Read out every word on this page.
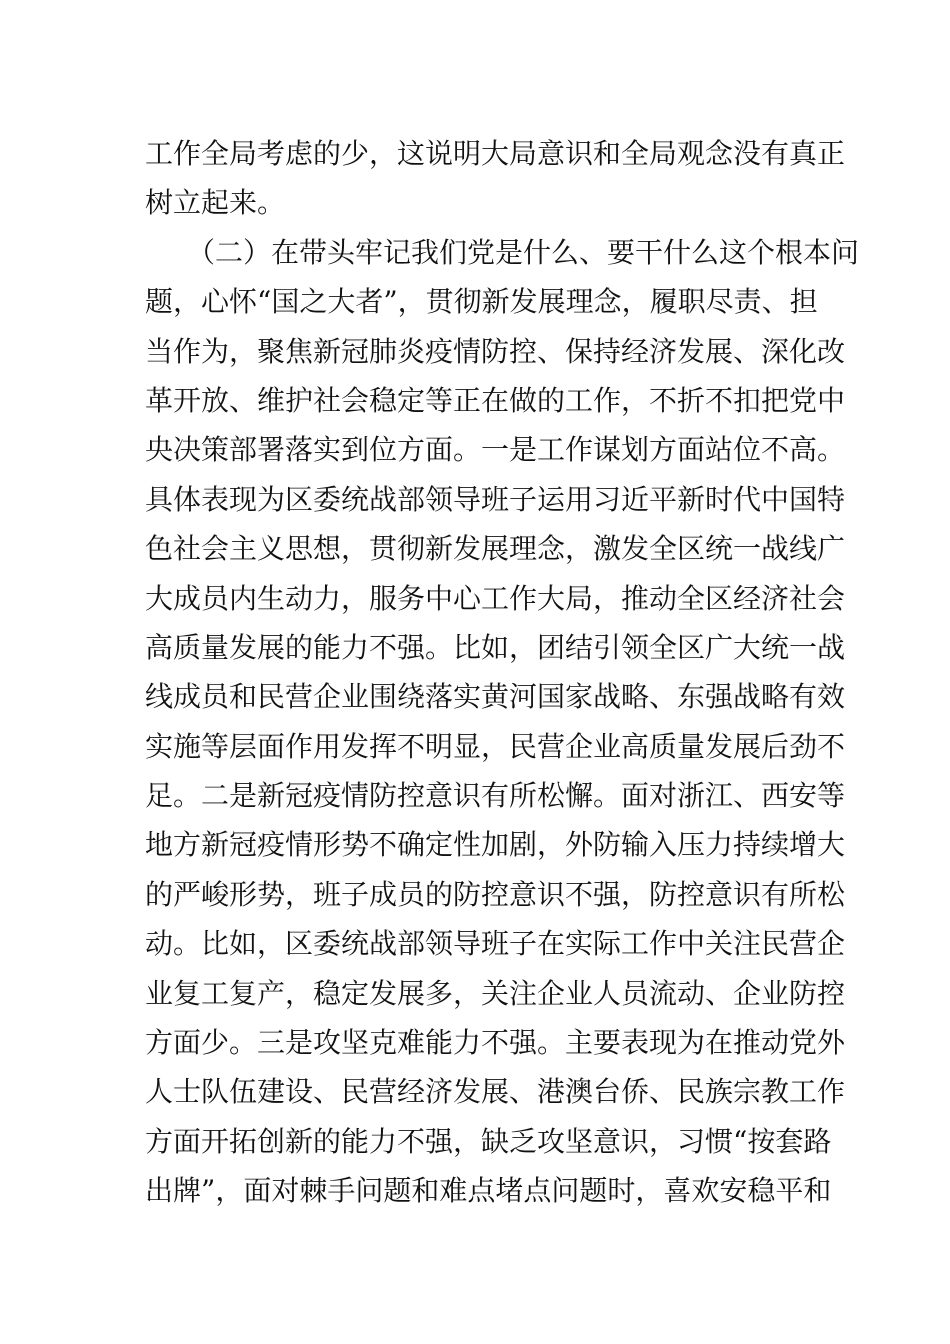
工作全局考虑的少，这说明大局意识和全局观念没有真正
树立起来。
　　（二）在带头牢记我们党是什么、要干什么这个根本问
题，心怀“国之大者”，贯彻新发展理念，履职尽责、担
当作为，聚焦新冠肺炎疫情防控、保持经济发展、深化改
革开放、维护社会稳定等正在做的工作，不折不扣把党中
央决策部署落实到位方面。一是工作谋划方面站位不高。
具体表现为区委统战部领导班子运用习近平新时代中国特
色社会主义思想，贯彻新发展理念，激发全区统一战线广
大成员内生动力，服务中心工作大局，推动全区经济社会
高质量发展的能力不强。比如，团结引领全区广大统一战
线成员和民营企业围绕落实黄河国家战略、东强战略有效
实施等层面作用发挥不明显，民营企业高质量发展后劲不
足。二是新冠疫情防控意识有所松懈。面对浙江、西安等
地方新冠疫情形势不确定性加剧，外防输入压力持续增大
的严峻形势，班子成员的防控意识不强，防控意识有所松
动。比如，区委统战部领导班子在实际工作中关注民营企
业复工复产，稳定发展多，关注企业人员流动、企业防控
方面少。三是攻坚克难能力不强。主要表现为在推动党外
人士队伍建设、民营经济发展、港澳台侨、民族宗教工作
方面开拓创新的能力不强，缺乏攻坚意识，习惯“按套路
出牌”，面对棘手问题和难点堵点问题时，喜欢安稳平和
